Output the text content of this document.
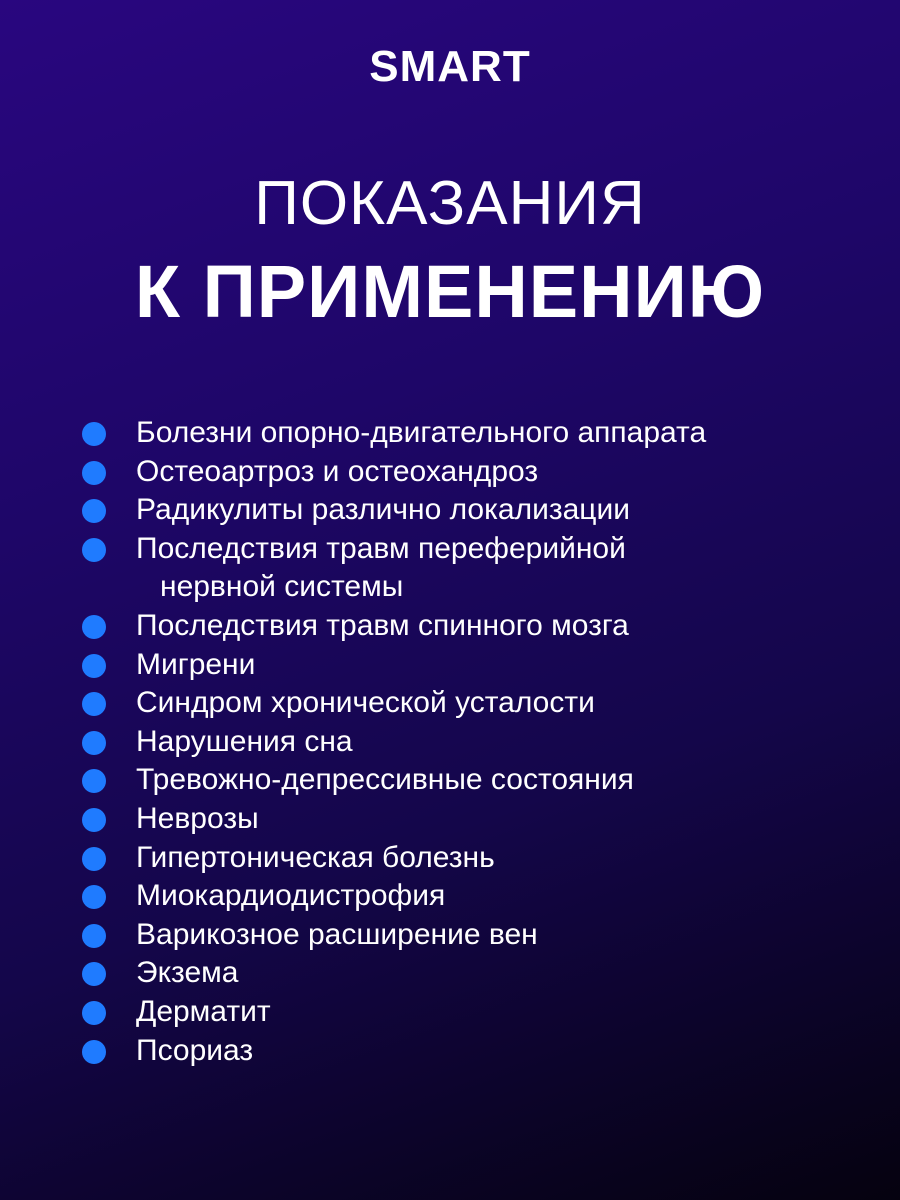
SMART
ПОКАЗАНИЯ
К ПРИМЕНЕНИЮ
Болезни опорно-двигательного аппарата
Остеоартроз и остеохандроз
Радикулиты различно локализации
Последствия травм переферийной
нервной системы
Последствия травм спинного мозга
Мигрени
Синдром хронической усталости
Нарушения сна
Тревожно-депрессивные состояния
Неврозы
Гипертоническая болезнь
Миокардиодистрофия
Варикозное расширение вен
Экзема
Дерматит
Псориаз
